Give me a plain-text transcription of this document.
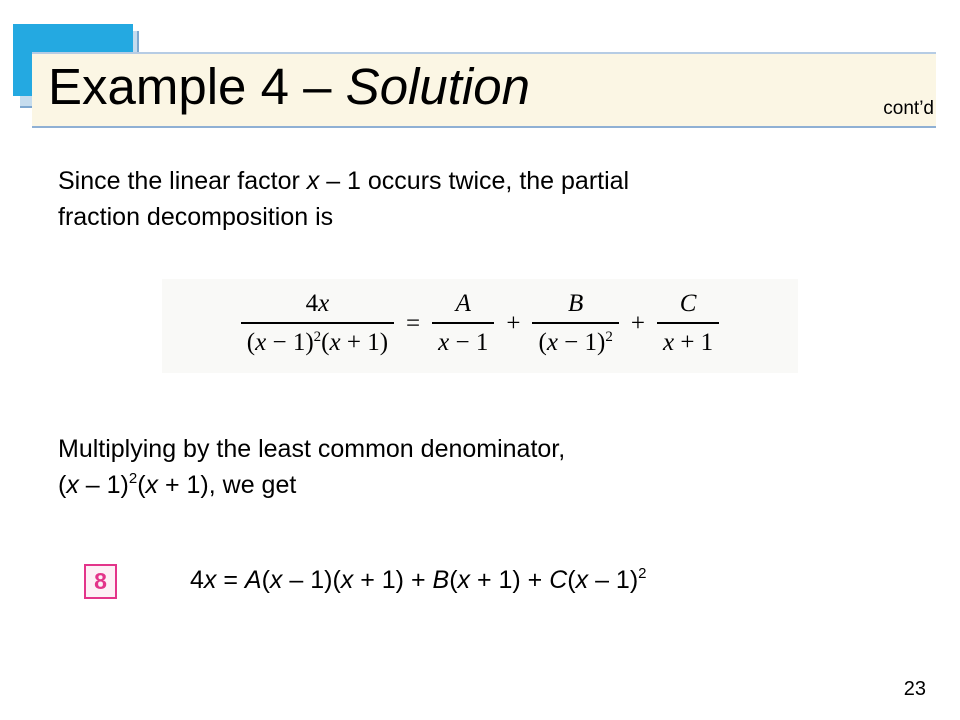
Example 4 – Solution	cont’d
Since the linear factor x – 1 occurs twice, the partial
fraction decomposition is
$\frac{4x}{(x - 1)^2(x + 1)} = \frac{A}{x - 1} + \frac{B}{(x - 1)^2} + \frac{C}{x + 1}$
Multiplying by the least common denominator,
(x – 1)$^2$(x + 1), we get
8	4x = A(x – 1)(x + 1) + B(x + 1) + C(x – 1)$^2$
23
